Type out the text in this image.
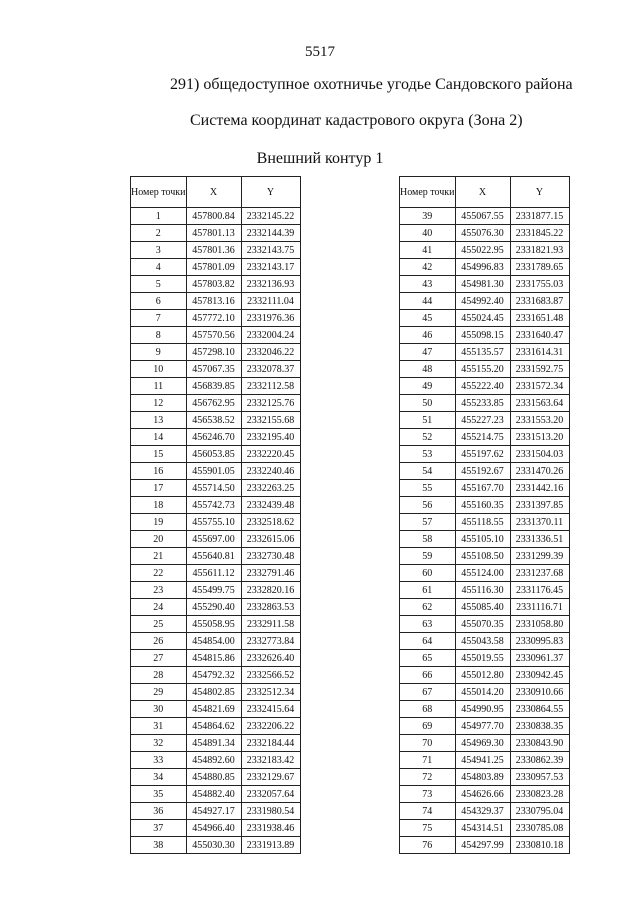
5517
291) общедоступное охотничье угодье Сандовского района
Система координат кадастрового округа (Зона 2)
Внешний контур 1
Номер точки	X	Y
1	457800.84	2332145.22
2	457801.13	2332144.39
3	457801.36	2332143.75
4	457801.09	2332143.17
5	457803.82	2332136.93
6	457813.16	2332111.04
7	457772.10	2331976.36
8	457570.56	2332004.24
9	457298.10	2332046.22
10	457067.35	2332078.37
11	456839.85	2332112.58
12	456762.95	2332125.76
13	456538.52	2332155.68
14	456246.70	2332195.40
15	456053.85	2332220.45
16	455901.05	2332240.46
17	455714.50	2332263.25
18	455742.73	2332439.48
19	455755.10	2332518.62
20	455697.00	2332615.06
21	455640.81	2332730.48
22	455611.12	2332791.46
23	455499.75	2332820.16
24	455290.40	2332863.53
25	455058.95	2332911.58
26	454854.00	2332773.84
27	454815.86	2332626.40
28	454792.32	2332566.52
29	454802.85	2332512.34
30	454821.69	2332415.64
31	454864.62	2332206.22
32	454891.34	2332184.44
33	454892.60	2332183.42
34	454880.85	2332129.67
35	454882.40	2332057.64
36	454927.17	2331980.54
37	454966.40	2331938.46
38	455030.30	2331913.89
Номер точки	X	Y
39	455067.55	2331877.15
40	455076.30	2331845.22
41	455022.95	2331821.93
42	454996.83	2331789.65
43	454981.30	2331755.03
44	454992.40	2331683.87
45	455024.45	2331651.48
46	455098.15	2331640.47
47	455135.57	2331614.31
48	455155.20	2331592.75
49	455222.40	2331572.34
50	455233.85	2331563.64
51	455227.23	2331553.20
52	455214.75	2331513.20
53	455197.62	2331504.03
54	455192.67	2331470.26
55	455167.70	2331442.16
56	455160.35	2331397.85
57	455118.55	2331370.11
58	455105.10	2331336.51
59	455108.50	2331299.39
60	455124.00	2331237.68
61	455116.30	2331176.45
62	455085.40	2331116.71
63	455070.35	2331058.80
64	455043.58	2330995.83
65	455019.55	2330961.37
66	455012.80	2330942.45
67	455014.20	2330910.66
68	454990.95	2330864.55
69	454977.70	2330838.35
70	454969.30	2330843.90
71	454941.25	2330862.39
72	454803.89	2330957.53
73	454626.66	2330823.28
74	454329.37	2330795.04
75	454314.51	2330785.08
76	454297.99	2330810.18
